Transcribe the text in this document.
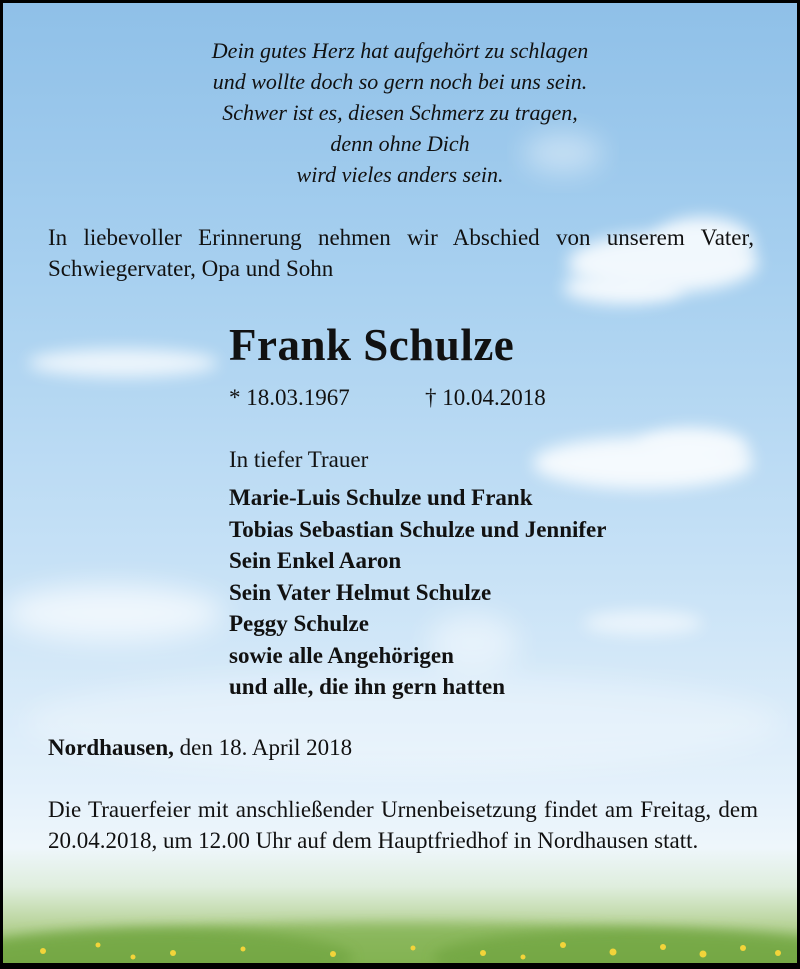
Dein gutes Herz hat aufgehört zu schlagen
und wollte doch so gern noch bei uns sein.
Schwer ist es, diesen Schmerz zu tragen,
denn ohne Dich
wird vieles anders sein.

In liebevoller Erinnerung nehmen wir Abschied von unserem Vater, Schwiegervater, Opa und Sohn

Frank Schulze
* 18.03.1967	† 10.04.2018

In tiefer Trauer

Marie-Luis Schulze und Frank
Tobias Sebastian Schulze und Jennifer
Sein Enkel Aaron
Sein Vater Helmut Schulze
Peggy Schulze
sowie alle Angehörigen
und alle, die ihn gern hatten

Nordhausen, den 18. April 2018

Die Trauerfeier mit anschließender Urnenbeisetzung findet am Freitag, dem 20.04.2018, um 12.00 Uhr auf dem Hauptfriedhof in Nordhausen statt.
